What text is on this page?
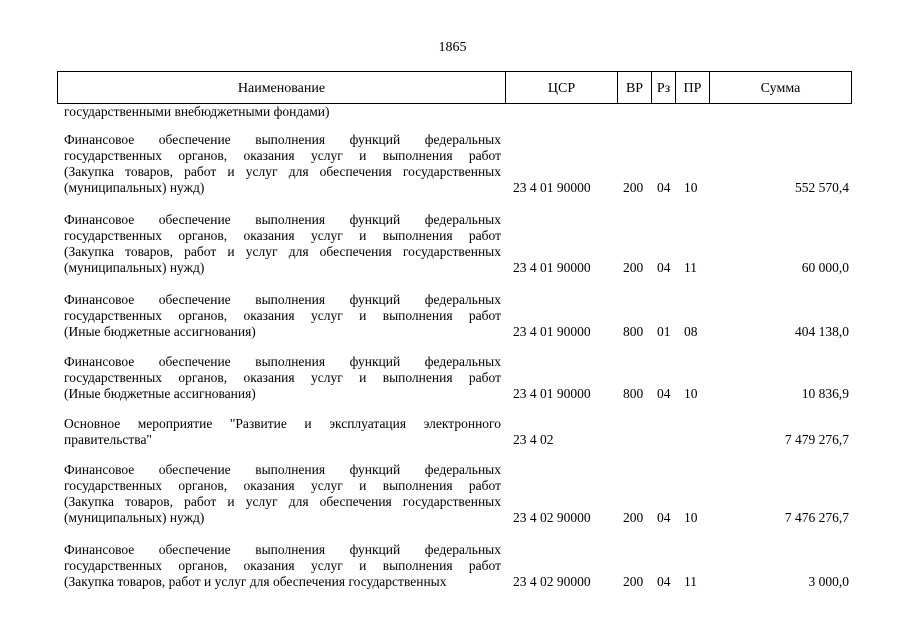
1865
Наименование	ЦСР	ВР Рз ПР	Сумма
государственными внебюджетными фондами)
Финансовое обеспечение выполнения функций федеральных
государственных органов, оказания услуг и выполнения работ
(Закупка товаров, работ и услуг для обеспечения государственных
(муниципальных) нужд)	23 4 01 90000 200 04 10	552 570,4
Финансовое обеспечение выполнения функций федеральных
государственных органов, оказания услуг и выполнения работ
(Закупка товаров, работ и услуг для обеспечения государственных
(муниципальных) нужд)	23 4 01 90000 200 04 11	60 000,0
Финансовое обеспечение выполнения функций федеральных
государственных органов, оказания услуг и выполнения работ
(Иные бюджетные ассигнования)	23 4 01 90000 800 01 08	404 138,0
Финансовое обеспечение выполнения функций федеральных
государственных органов, оказания услуг и выполнения работ
(Иные бюджетные ассигнования)	23 4 01 90000 800 04 10	10 836,9
Основное мероприятие "Развитие и эксплуатация электронного
правительства"	23 4 02	7 479 276,7
Финансовое обеспечение выполнения функций федеральных
государственных органов, оказания услуг и выполнения работ
(Закупка товаров, работ и услуг для обеспечения государственных
(муниципальных) нужд)	23 4 02 90000 200 04 10	7 476 276,7
Финансовое обеспечение выполнения функций федеральных
государственных органов, оказания услуг и выполнения работ
(Закупка товаров, работ и услуг для обеспечения государственных	23 4 02 90000 200 04 11	3 000,0
